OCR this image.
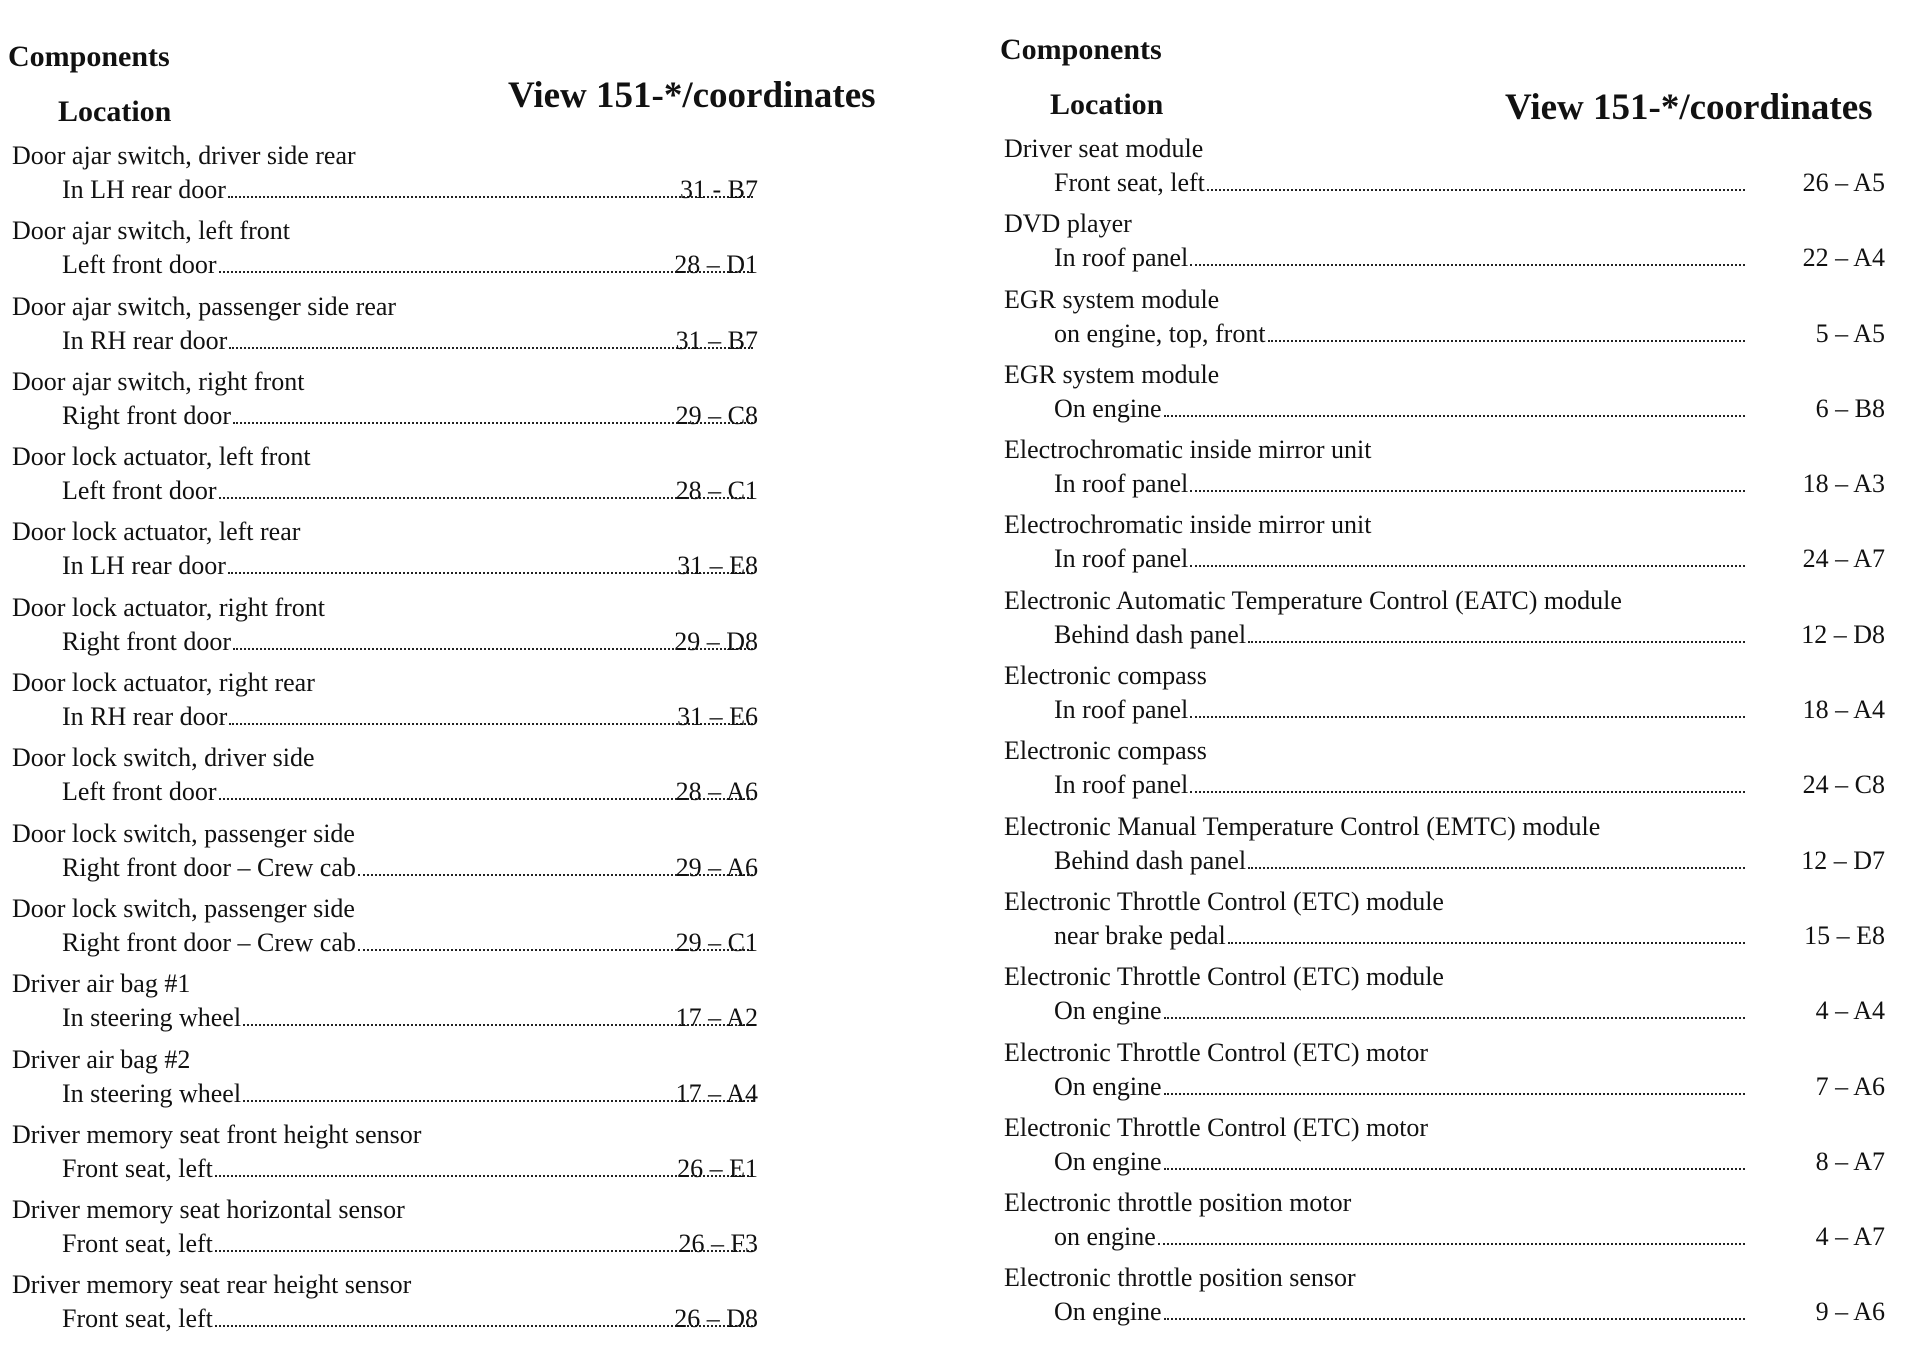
Components
Location	View 151-*/coordinates
Door ajar switch, driver side rear
In LH rear door	31 - B7
Door ajar switch, left front
Left front door	28 – D1
Door ajar switch, passenger side rear
In RH rear door	31 – B7
Door ajar switch, right front
Right front door	29 – C8
Door lock actuator, left front
Left front door	28 – C1
Door lock actuator, left rear
In LH rear door	31 – E8
Door lock actuator, right front
Right front door	29 – D8
Door lock actuator, right rear
In RH rear door	31 – E6
Door lock switch, driver side
Left front door	28 – A6
Door lock switch, passenger side
Right front door – Crew cab	29 – A6
Door lock switch, passenger side
Right front door – Crew cab	29 – C1
Driver air bag #1
In steering wheel	17 – A2
Driver air bag #2
In steering wheel	17 – A4
Driver memory seat front height sensor
Front seat, left	26 – E1
Driver memory seat horizontal sensor
Front seat, left	26 – F3
Driver memory seat rear height sensor
Front seat, left	26 – D8
Components
Location	View 151-*/coordinates
Driver seat module
Front seat, left	26 – A5
DVD player
In roof panel	22 – A4
EGR system module
on engine, top, front	5 – A5
EGR system module
On engine	6 – B8
Electrochromatic inside mirror unit
In roof panel	18 – A3
Electrochromatic inside mirror unit
In roof panel	24 – A7
Electronic Automatic Temperature Control (EATC) module
Behind dash panel	12 – D8
Electronic compass
In roof panel	18 – A4
Electronic compass
In roof panel	24 – C8
Electronic Manual Temperature Control (EMTC) module
Behind dash panel	12 – D7
Electronic Throttle Control (ETC) module
near brake pedal	15 – E8
Electronic Throttle Control (ETC) module
On engine	4 – A4
Electronic Throttle Control (ETC) motor
On engine	7 – A6
Electronic Throttle Control (ETC) motor
On engine	8 – A7
Electronic throttle position motor
on engine	4 – A7
Electronic throttle position sensor
On engine	9 – A6
